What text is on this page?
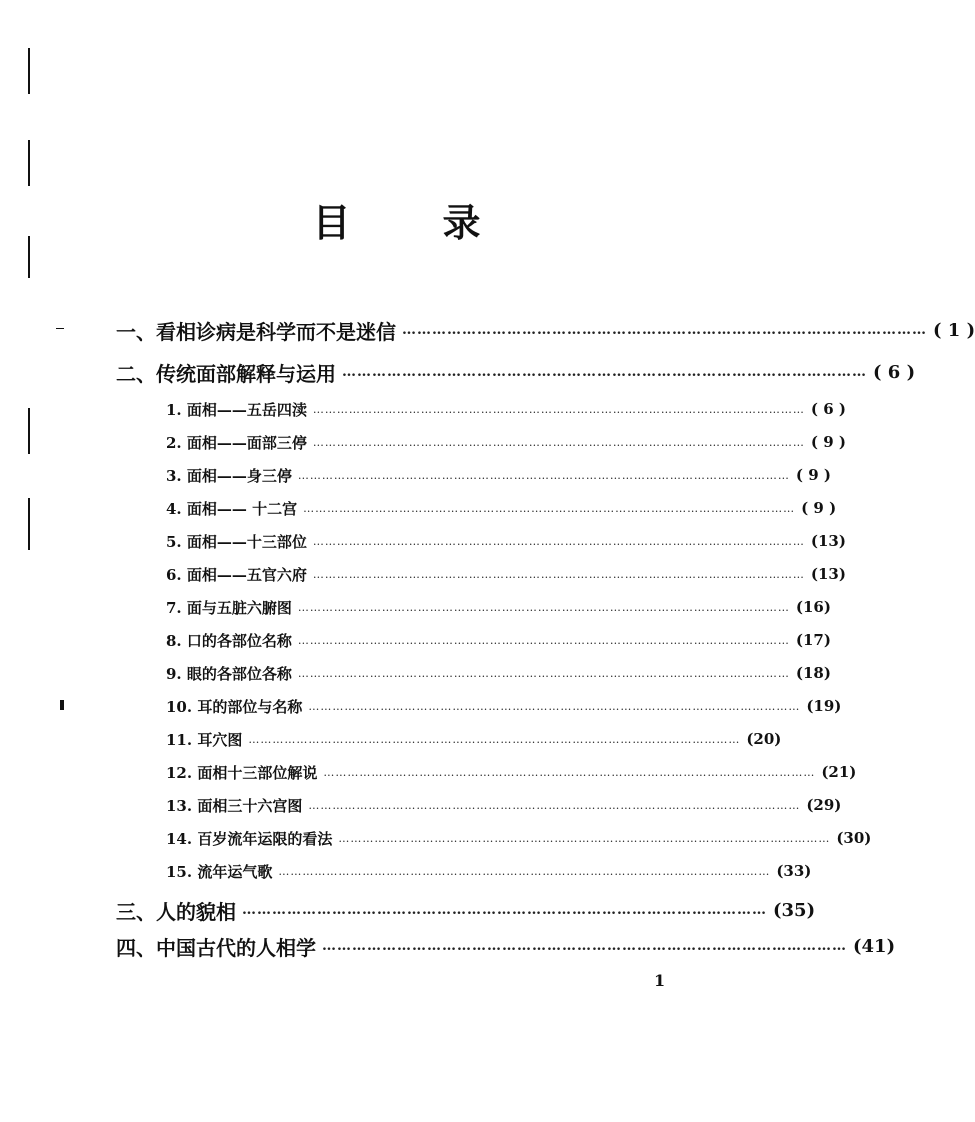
目 录
一、看相诊病是科学而不是迷信 …………………………………………………………………………………………… ( 1 )
二、传统面部解释与运用 …………………………………………………………………………………………… ( 6 )
1. 面相——五岳四渎 …………………………………………………………………………………………………………… ( 6 )
2. 面相——面部三停 …………………………………………………………………………………………………………… ( 9 )
3. 面相——身三停 …………………………………………………………………………………………………………… ( 9 )
4. 面相—— 十二宫 …………………………………………………………………………………………………………… ( 9 )
5. 面相——十三部位 …………………………………………………………………………………………………………… (13)
6. 面相——五官六府 …………………………………………………………………………………………………………… (13)
7. 面与五脏六腑图 …………………………………………………………………………………………………………… (16)
8. 口的各部位名称 …………………………………………………………………………………………………………… (17)
9. 眼的各部位各称 …………………………………………………………………………………………………………… (18)
10. 耳的部位与名称 …………………………………………………………………………………………………………… (19)
11. 耳穴图 …………………………………………………………………………………………………………… (20)
12. 面相十三部位解说 …………………………………………………………………………………………………………… (21)
13. 面相三十六宫图 …………………………………………………………………………………………………………… (29)
14. 百岁流年运限的看法 …………………………………………………………………………………………………………… (30)
15. 流年运气歌 …………………………………………………………………………………………………………… (33)
三、人的貌相 …………………………………………………………………………………………… (35)
四、中国古代的人相学 …………………………………………………………………………………………… (41)
1
